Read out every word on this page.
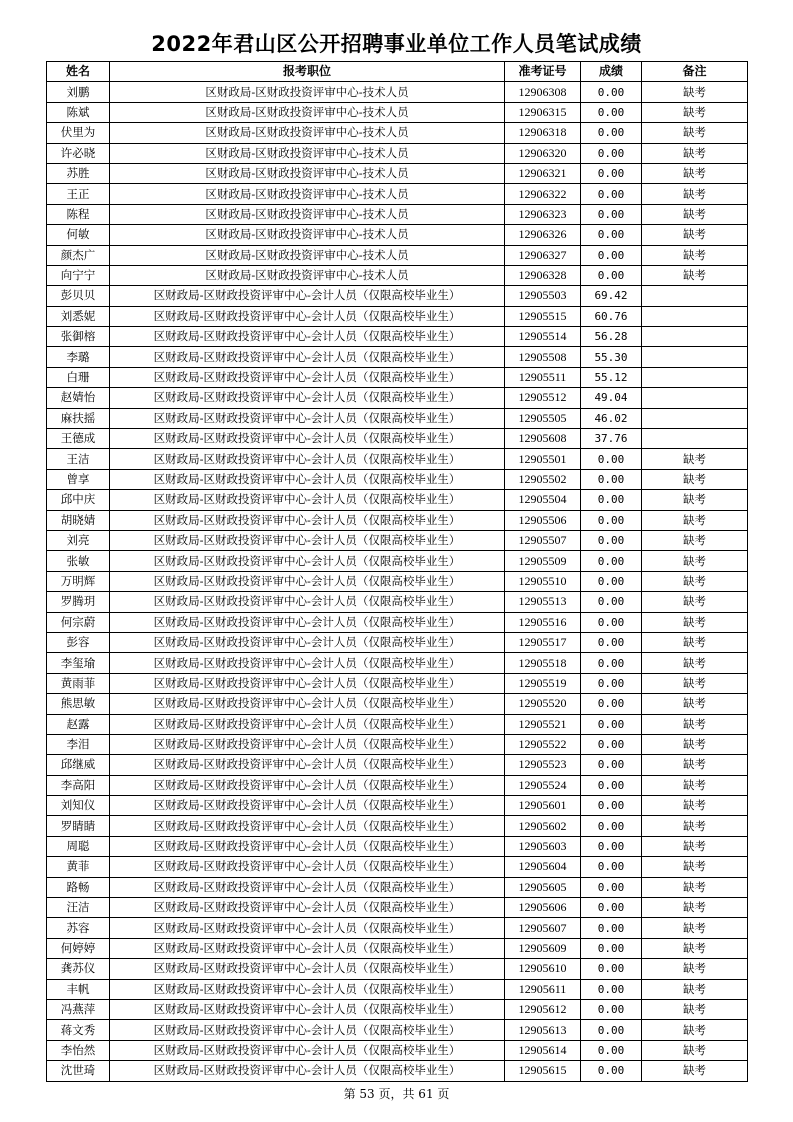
2022年君山区公开招聘事业单位工作人员笔试成绩
姓名	报考职位	准考证号	成绩	备注
刘鹏	区财政局-区财政投资评审中心-技术人员	12906308	0.00	缺考
陈斌	区财政局-区财政投资评审中心-技术人员	12906315	0.00	缺考
伏里为	区财政局-区财政投资评审中心-技术人员	12906318	0.00	缺考
许必晓	区财政局-区财政投资评审中心-技术人员	12906320	0.00	缺考
苏胜	区财政局-区财政投资评审中心-技术人员	12906321	0.00	缺考
王正	区财政局-区财政投资评审中心-技术人员	12906322	0.00	缺考
陈程	区财政局-区财政投资评审中心-技术人员	12906323	0.00	缺考
何敏	区财政局-区财政投资评审中心-技术人员	12906326	0.00	缺考
颜杰广	区财政局-区财政投资评审中心-技术人员	12906327	0.00	缺考
向宁宁	区财政局-区财政投资评审中心-技术人员	12906328	0.00	缺考
彭贝贝	区财政局-区财政投资评审中心-会计人员（仅限高校毕业生）	12905503	69.42	
刘悉妮	区财政局-区财政投资评审中心-会计人员（仅限高校毕业生）	12905515	60.76	
张御榕	区财政局-区财政投资评审中心-会计人员（仅限高校毕业生）	12905514	56.28	
李璐	区财政局-区财政投资评审中心-会计人员（仅限高校毕业生）	12905508	55.30	
白珊	区财政局-区财政投资评审中心-会计人员（仅限高校毕业生）	12905511	55.12	
赵婧怡	区财政局-区财政投资评审中心-会计人员（仅限高校毕业生）	12905512	49.04	
麻扶摇	区财政局-区财政投资评审中心-会计人员（仅限高校毕业生）	12905505	46.02	
王德成	区财政局-区财政投资评审中心-会计人员（仅限高校毕业生）	12905608	37.76	
王洁	区财政局-区财政投资评审中心-会计人员（仅限高校毕业生）	12905501	0.00	缺考
曾享	区财政局-区财政投资评审中心-会计人员（仅限高校毕业生）	12905502	0.00	缺考
邱中庆	区财政局-区财政投资评审中心-会计人员（仅限高校毕业生）	12905504	0.00	缺考
胡晓婧	区财政局-区财政投资评审中心-会计人员（仅限高校毕业生）	12905506	0.00	缺考
刘亮	区财政局-区财政投资评审中心-会计人员（仅限高校毕业生）	12905507	0.00	缺考
张敏	区财政局-区财政投资评审中心-会计人员（仅限高校毕业生）	12905509	0.00	缺考
万明辉	区财政局-区财政投资评审中心-会计人员（仅限高校毕业生）	12905510	0.00	缺考
罗腾玥	区财政局-区财政投资评审中心-会计人员（仅限高校毕业生）	12905513	0.00	缺考
何宗蔚	区财政局-区财政投资评审中心-会计人员（仅限高校毕业生）	12905516	0.00	缺考
彭容	区财政局-区财政投资评审中心-会计人员（仅限高校毕业生）	12905517	0.00	缺考
李玺瑜	区财政局-区财政投资评审中心-会计人员（仅限高校毕业生）	12905518	0.00	缺考
黄雨菲	区财政局-区财政投资评审中心-会计人员（仅限高校毕业生）	12905519	0.00	缺考
熊思敏	区财政局-区财政投资评审中心-会计人员（仅限高校毕业生）	12905520	0.00	缺考
赵露	区财政局-区财政投资评审中心-会计人员（仅限高校毕业生）	12905521	0.00	缺考
李泪	区财政局-区财政投资评审中心-会计人员（仅限高校毕业生）	12905522	0.00	缺考
邱继威	区财政局-区财政投资评审中心-会计人员（仅限高校毕业生）	12905523	0.00	缺考
李高阳	区财政局-区财政投资评审中心-会计人员（仅限高校毕业生）	12905524	0.00	缺考
刘知仪	区财政局-区财政投资评审中心-会计人员（仅限高校毕业生）	12905601	0.00	缺考
罗睛睛	区财政局-区财政投资评审中心-会计人员（仅限高校毕业生）	12905602	0.00	缺考
周聪	区财政局-区财政投资评审中心-会计人员（仅限高校毕业生）	12905603	0.00	缺考
黄菲	区财政局-区财政投资评审中心-会计人员（仅限高校毕业生）	12905604	0.00	缺考
路畅	区财政局-区财政投资评审中心-会计人员（仅限高校毕业生）	12905605	0.00	缺考
汪洁	区财政局-区财政投资评审中心-会计人员（仅限高校毕业生）	12905606	0.00	缺考
苏容	区财政局-区财政投资评审中心-会计人员（仅限高校毕业生）	12905607	0.00	缺考
何婷婷	区财政局-区财政投资评审中心-会计人员（仅限高校毕业生）	12905609	0.00	缺考
龚苏仪	区财政局-区财政投资评审中心-会计人员（仅限高校毕业生）	12905610	0.00	缺考
丰帆	区财政局-区财政投资评审中心-会计人员（仅限高校毕业生）	12905611	0.00	缺考
冯燕萍	区财政局-区财政投资评审中心-会计人员（仅限高校毕业生）	12905612	0.00	缺考
蒋文秀	区财政局-区财政投资评审中心-会计人员（仅限高校毕业生）	12905613	0.00	缺考
李怡然	区财政局-区财政投资评审中心-会计人员（仅限高校毕业生）	12905614	0.00	缺考
沈世琦	区财政局-区财政投资评审中心-会计人员（仅限高校毕业生）	12905615	0.00	缺考
第 53 页，共 61 页
